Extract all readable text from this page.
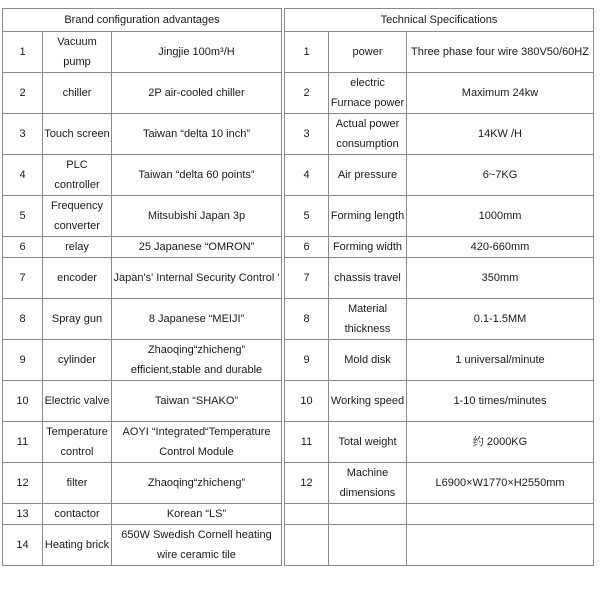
Brand configuration advantages				Technical Specifications		
1	Vacuum pump	Jingjie 100m³/H		1	power	Three phase four wire 380V50/60HZ
2	chiller	2P air-cooled chiller		2	electric Furnace power	Maximum 24kw
3	Touch screen	Taiwan “delta 10 inch”		3	Actual power consumption	14KW /H
4	PLC controller	Taiwan “delta 60 points”		4	Air pressure	6~7KG
5	Frequency converter	Mitsubishi Japan 3p		5	Forming length	1000mm
6	relay	25 Japanese “OMRON”		6	Forming width	420-660mm
7	encoder	Japan's' Internal Security Control '		7	chassis travel	350mm
8	Spray gun	8 Japanese “MEIJI”		8	Material thickness	0.1-1.5MM
9	cylinder	Zhaoqing“zhicheng” efficient,stable and durable		9	Mold disk	1 universal/minute
10	Electric valve	Taiwan “SHAKO”		10	Working speed	1-10 times/minutes
11	Temperature control	AOYI “Integrated“Temperature Control Module		11	Total weight	约 2000KG
12	filter	Zhaoqing“zhicheng”		12	Machine dimensions	L6900×W1770×H2550mm
13	contactor	Korean “LS”				
14	Heating brick	650W Swedish Cornell heating wire ceramic tile				
